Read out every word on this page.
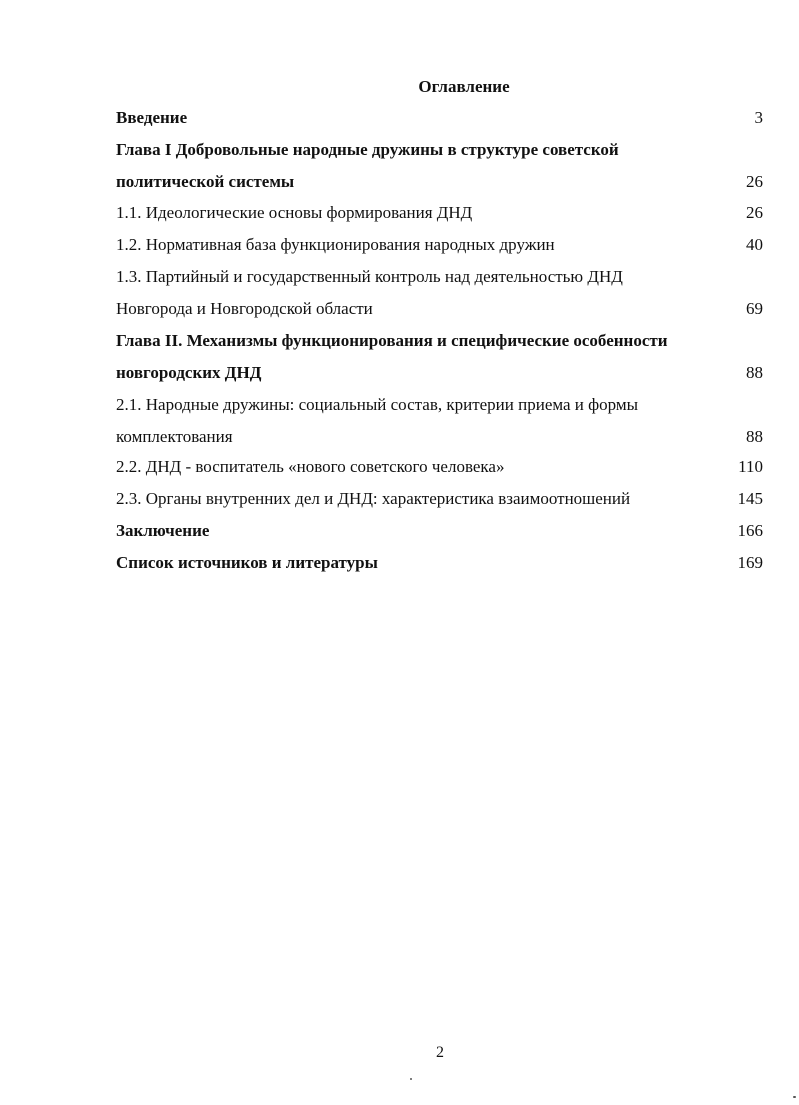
Оглавление
Введение	3
Глава I Добровольные народные дружины в структуре советской
политической системы	26
1.1. Идеологические основы формирования ДНД	26
1.2. Нормативная база функционирования народных дружин	40
1.3. Партийный и государственный контроль над деятельностью ДНД
Новгорода и Новгородской области	69
Глава II. Механизмы функционирования и специфические особенности
новгородских ДНД	88
2.1. Народные дружины: социальный состав, критерии приема и формы
комплектования	88
2.2. ДНД - воспитатель «нового советского человека»	110
2.3. Органы внутренних дел и ДНД: характеристика взаимоотношений	145
Заключение	166
Список источников и литературы	169
2
